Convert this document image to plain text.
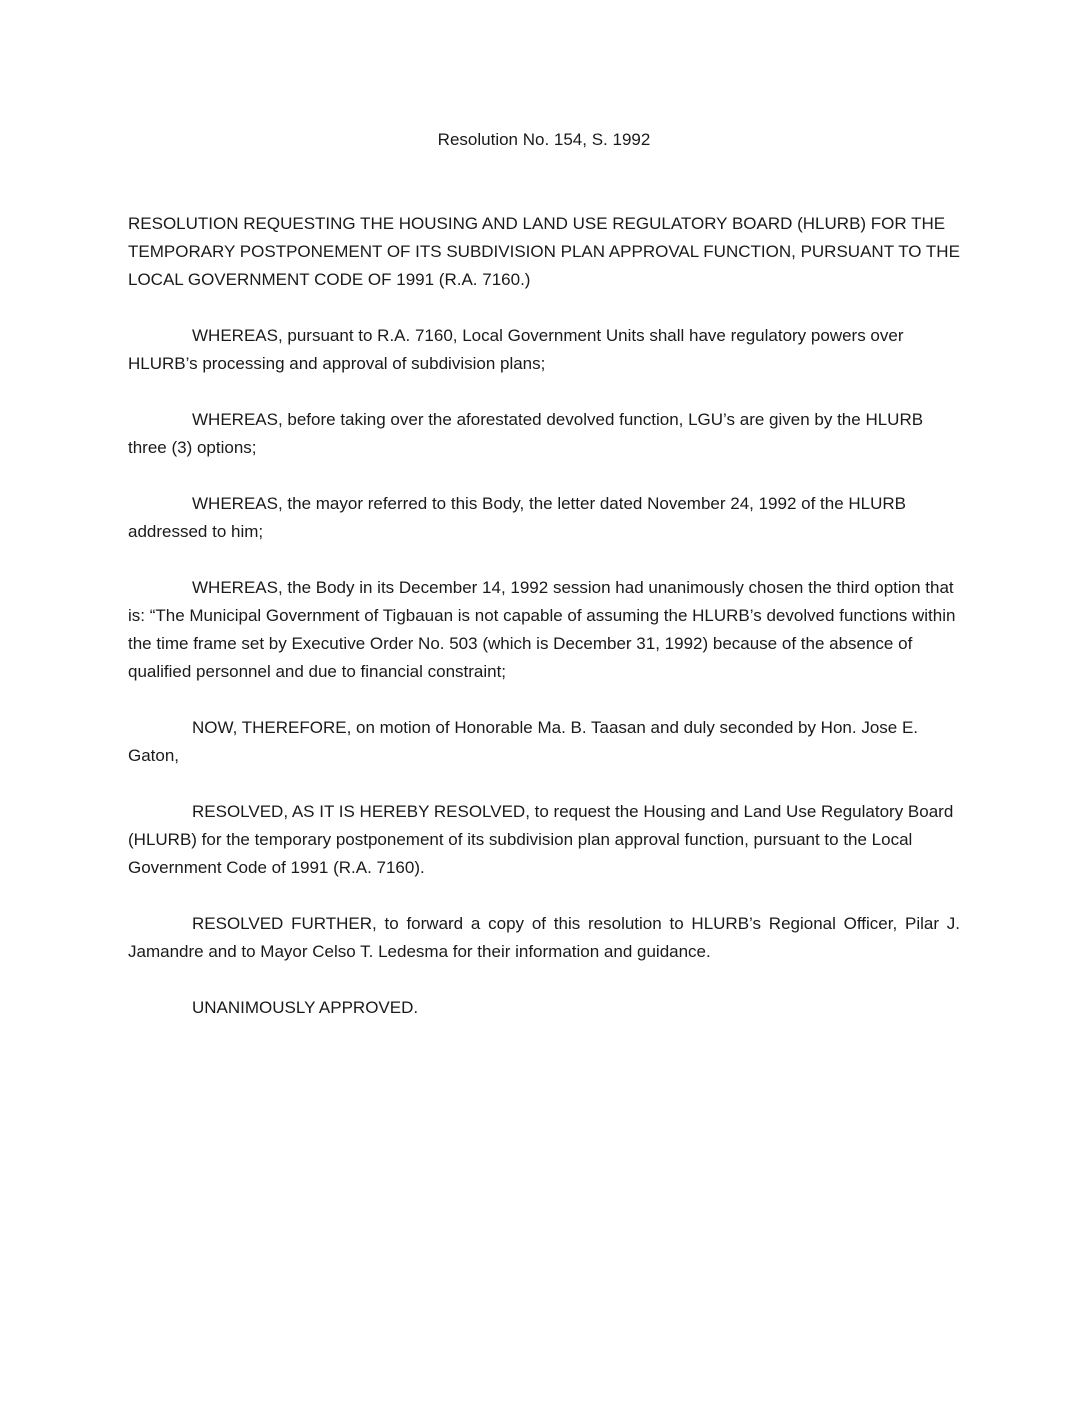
Resolution No. 154, S. 1992

RESOLUTION REQUESTING THE HOUSING AND LAND USE REGULATORY BOARD (HLURB) FOR THE TEMPORARY POSTPONEMENT OF ITS SUBDIVISION PLAN APPROVAL FUNCTION, PURSUANT TO THE LOCAL GOVERNMENT CODE OF 1991 (R.A. 7160.)

WHEREAS, pursuant to R.A. 7160, Local Government Units shall have regulatory powers over HLURB’s processing and approval of subdivision plans;

WHEREAS, before taking over the aforestated devolved function, LGU’s are given by the HLURB three (3) options;

WHEREAS, the mayor referred to this Body, the letter dated November 24, 1992 of the HLURB addressed to him;

WHEREAS, the Body in its December 14, 1992 session had unanimously chosen the third option that is: “The Municipal Government of Tigbauan is not capable of assuming the HLURB’s devolved functions within the time frame set by Executive Order No. 503 (which is December 31, 1992) because of the absence of qualified personnel and due to financial constraint;

NOW, THEREFORE, on motion of Honorable Ma. B. Taasan and duly seconded by Hon. Jose E. Gaton,

RESOLVED, AS IT IS HEREBY RESOLVED, to request the Housing and Land Use Regulatory Board (HLURB) for the temporary postponement of its subdivision plan approval function, pursuant to the Local Government Code of 1991 (R.A. 7160).

RESOLVED FURTHER, to forward a copy of this resolution to HLURB’s Regional Officer, Pilar J. Jamandre and to Mayor Celso T. Ledesma for their information and guidance.

UNANIMOUSLY APPROVED.
